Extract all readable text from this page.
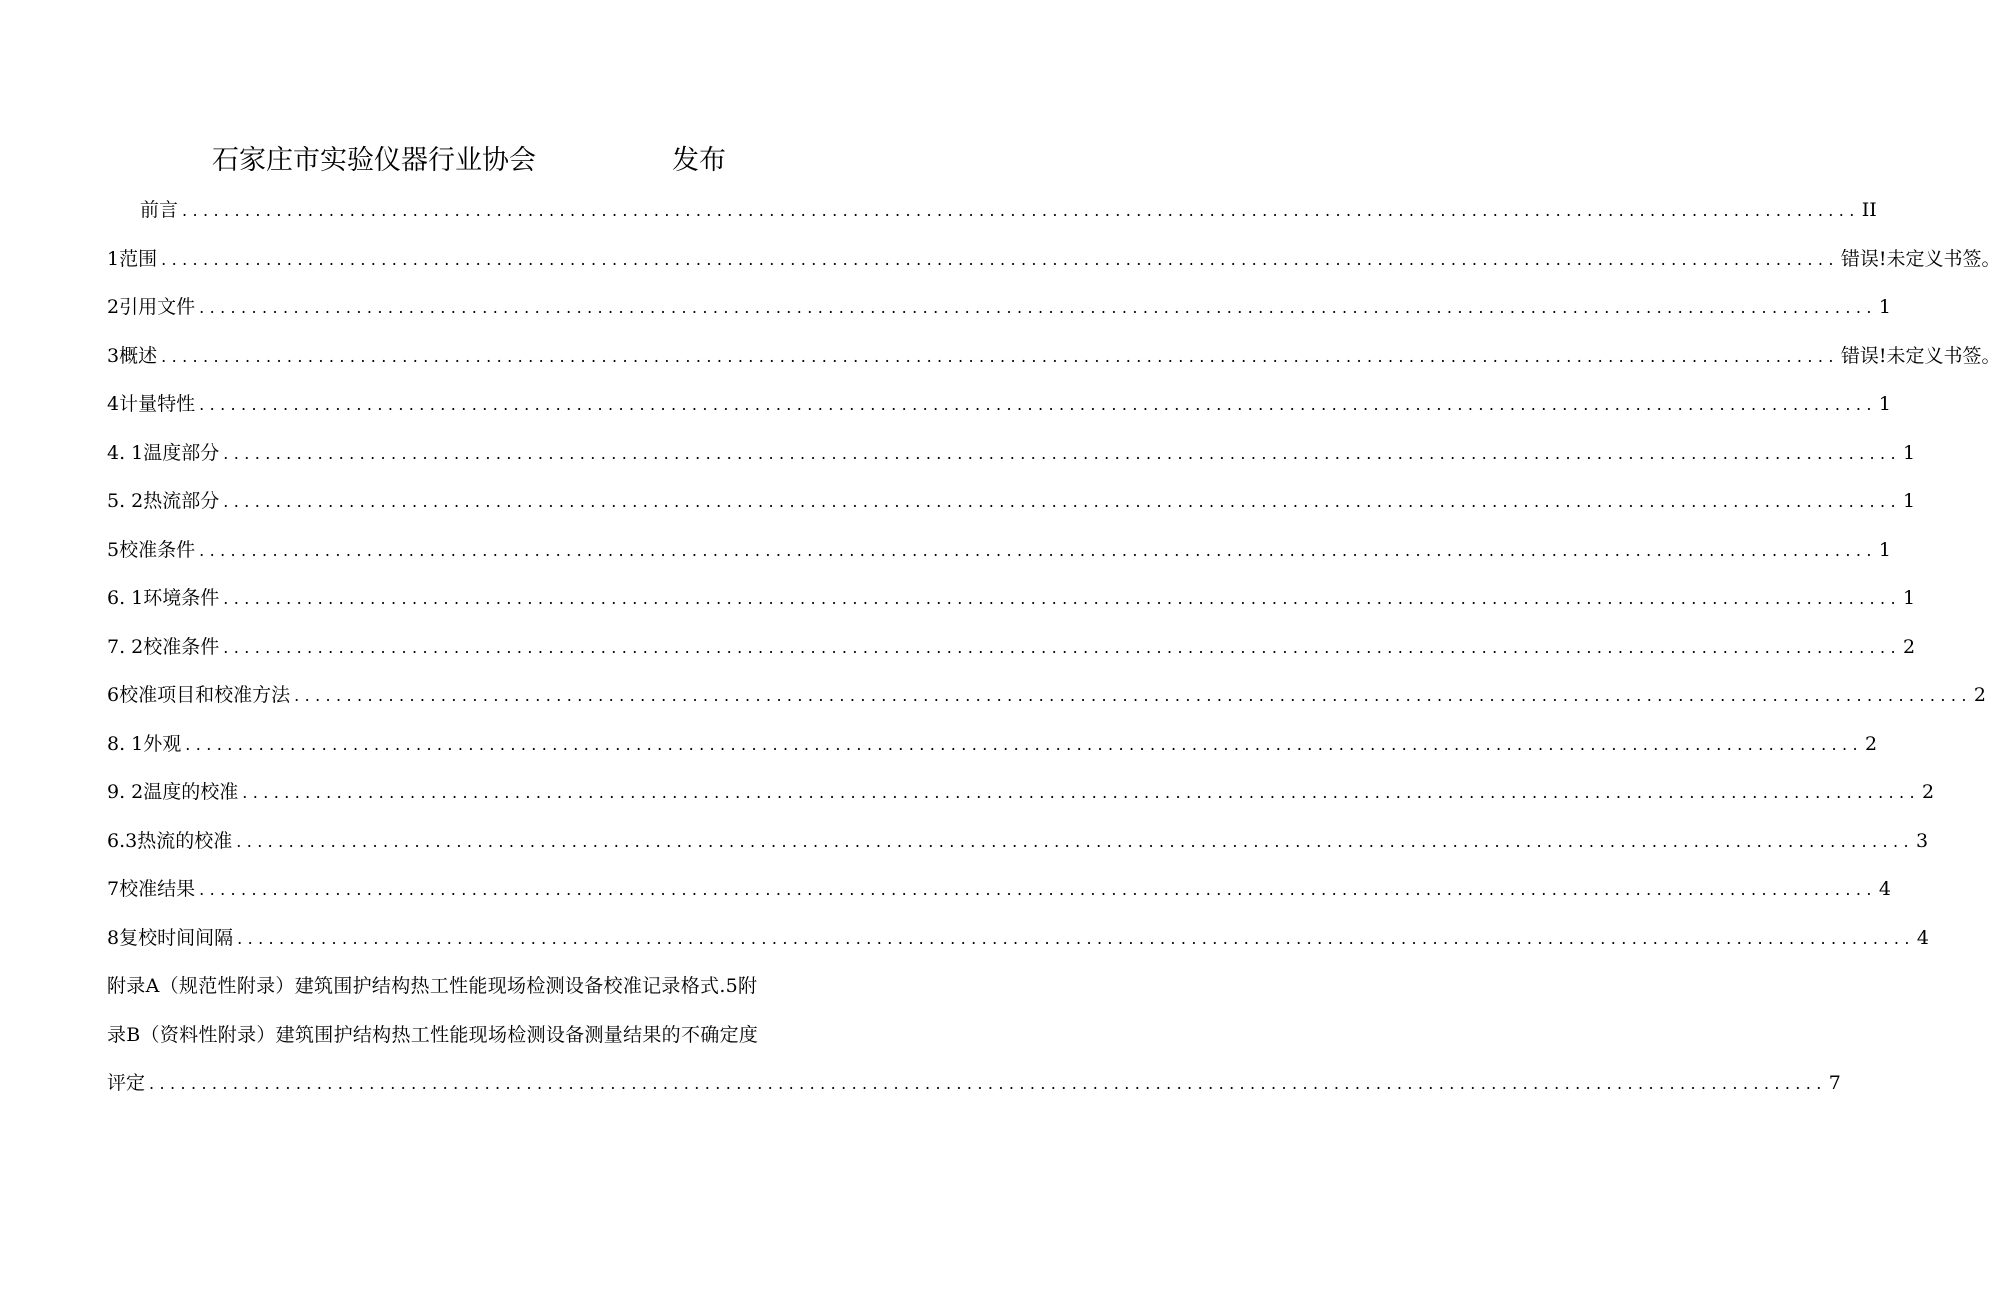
石家庄市实验仪器行业协会	发布
前言 ................................................................................................................................................................ II
1范围 ................................................................................................................................................................ 错误!未定义书签。
2引用文件 ................................................................................................................................................................ 1
3概述 ................................................................................................................................................................ 错误!未定义书签。
4计量特性 ................................................................................................................................................................ 1
4. 1温度部分 ................................................................................................................................................................ 1
5. 2热流部分 ................................................................................................................................................................ 1
5校准条件 ................................................................................................................................................................ 1
6. 1环境条件 ................................................................................................................................................................ 1
7. 2校准条件 ................................................................................................................................................................ 2
6校准项目和校准方法 ................................................................................................................................................................ 2
8. 1外观 ................................................................................................................................................................ 2
9. 2温度的校准 ................................................................................................................................................................ 2
6.3热流的校准 ................................................................................................................................................................ 3
7校准结果 ................................................................................................................................................................ 4
8复校时间间隔 ................................................................................................................................................................ 4
附录A（规范性附录）建筑围护结构热工性能现场检测设备校准记录格式.5附
录B（资料性附录）建筑围护结构热工性能现场检测设备测量结果的不确定度
评定 ................................................................................................................................................................ 7
